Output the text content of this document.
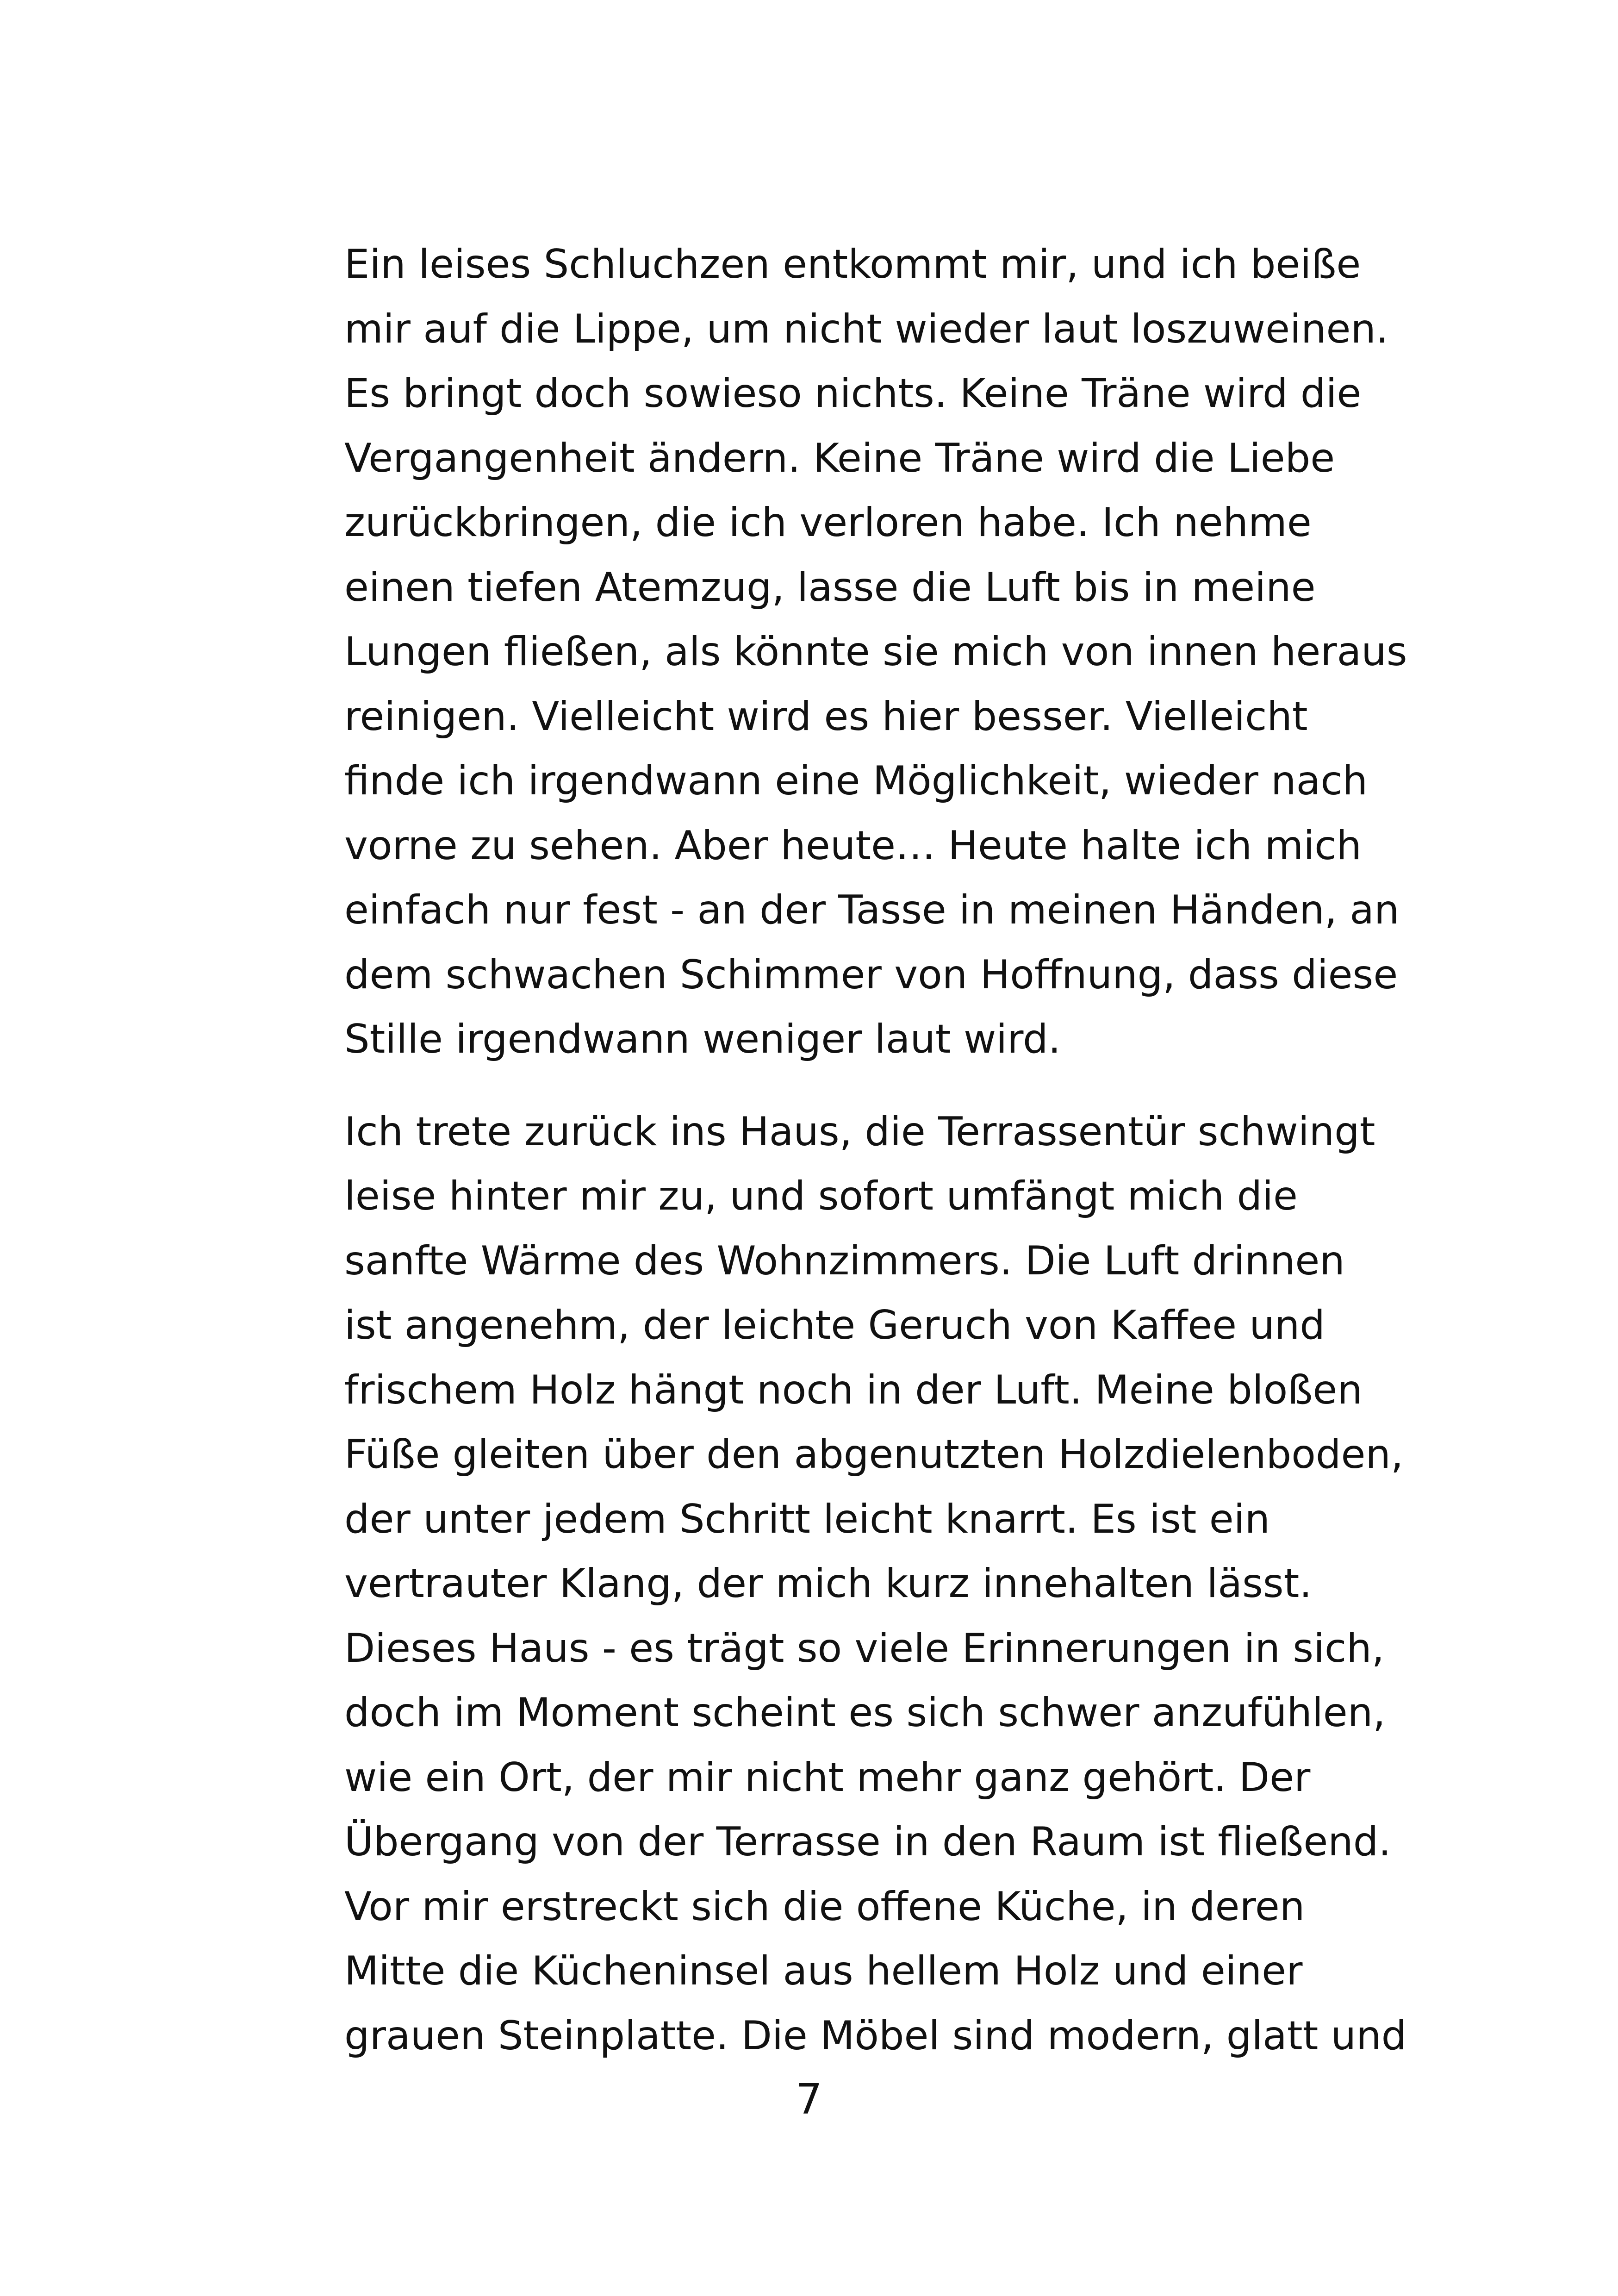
Ein leises Schluchzen entkommt mir, und ich beiße
mir auf die Lippe, um nicht wieder laut loszuweinen.
Es bringt doch sowieso nichts. Keine Träne wird die
Vergangenheit ändern. Keine Träne wird die Liebe
zurückbringen, die ich verloren habe. Ich nehme
einen tiefen Atemzug, lasse die Luft bis in meine
Lungen fließen, als könnte sie mich von innen heraus
reinigen. Vielleicht wird es hier besser. Vielleicht
finde ich irgendwann eine Möglichkeit, wieder nach
vorne zu sehen. Aber heute… Heute halte ich mich
einfach nur fest - an der Tasse in meinen Händen, an
dem schwachen Schimmer von Hoffnung, dass diese
Stille irgendwann weniger laut wird.
Ich trete zurück ins Haus, die Terrassentür schwingt
leise hinter mir zu, und sofort umfängt mich die
sanfte Wärme des Wohnzimmers. Die Luft drinnen
ist angenehm, der leichte Geruch von Kaffee und
frischem Holz hängt noch in der Luft. Meine bloßen
Füße gleiten über den abgenutzten Holzdielenboden,
der unter jedem Schritt leicht knarrt. Es ist ein
vertrauter Klang, der mich kurz innehalten lässt.
Dieses Haus - es trägt so viele Erinnerungen in sich,
doch im Moment scheint es sich schwer anzufühlen,
wie ein Ort, der mir nicht mehr ganz gehört. Der
Übergang von der Terrasse in den Raum ist fließend.
Vor mir erstreckt sich die offene Küche, in deren
Mitte die Kücheninsel aus hellem Holz und einer
grauen Steinplatte. Die Möbel sind modern, glatt und
7
